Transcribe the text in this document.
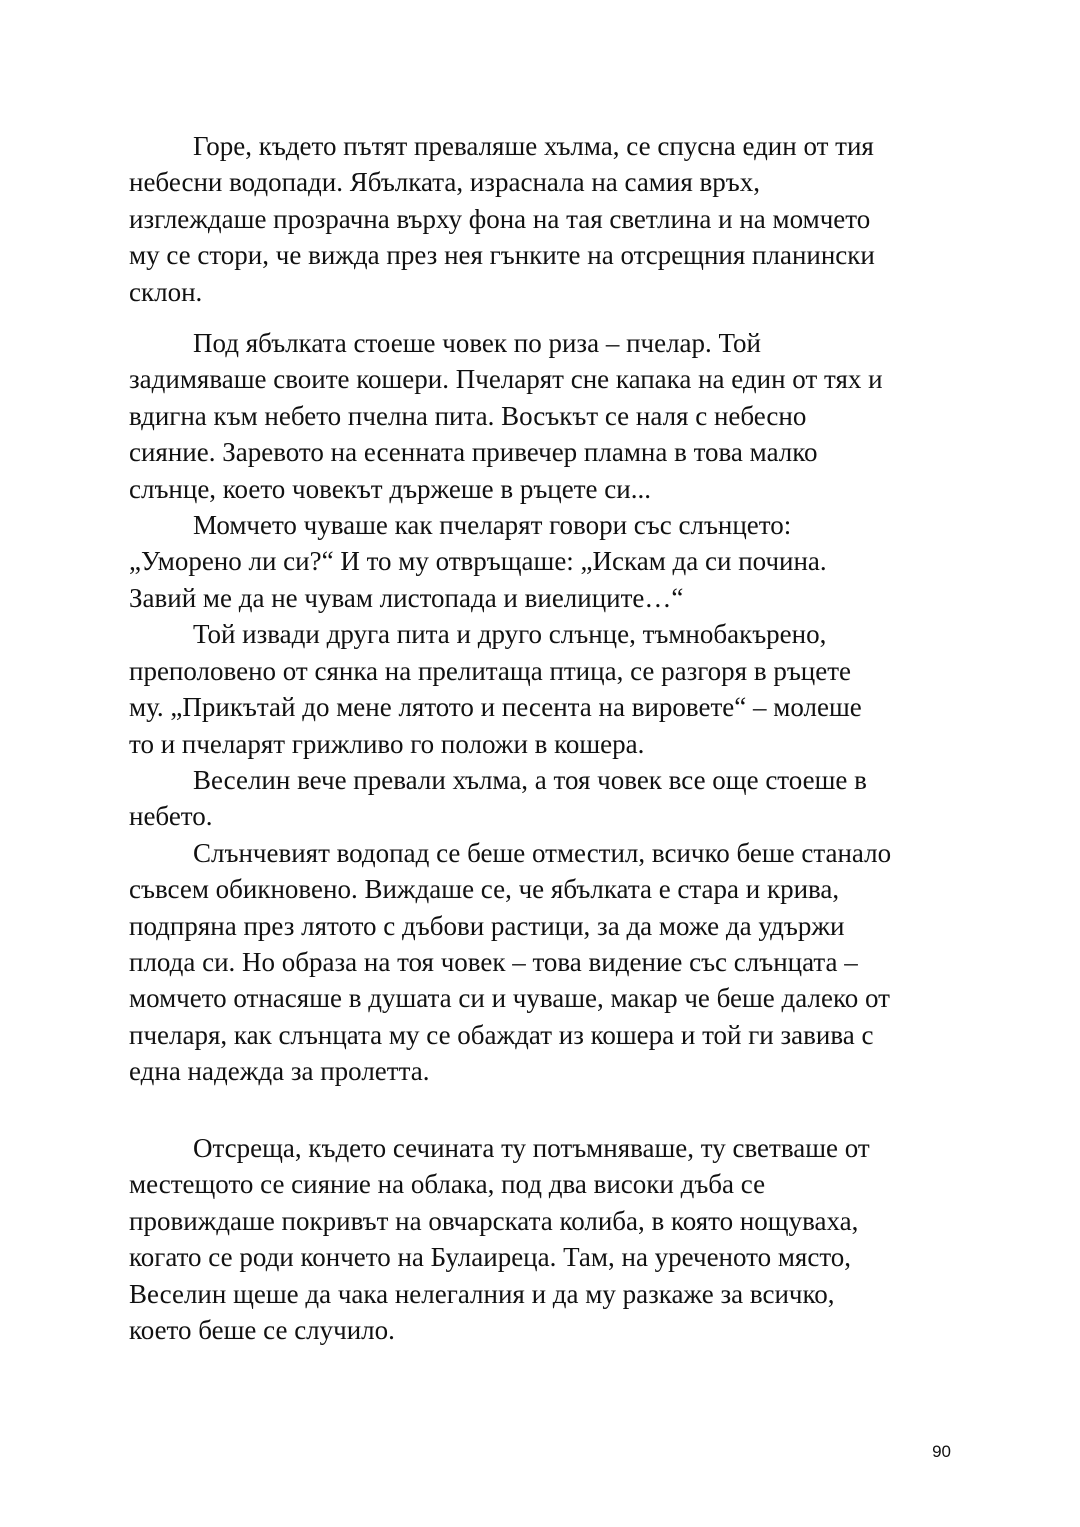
Горе, където пътят преваляше хълма, се спусна един от тия
небесни водопади. Ябълката, израснала на самия връх,
изглеждаше прозрачна върху фона на тая светлина и на момчето
му се стори, че вижда през нея гънките на отсрещния планински
склон.

Под ябълката стоеше човек по риза – пчелар. Той
задимяваше своите кошери. Пчеларят сне капака на един от тях и
вдигна към небето пчелна пита. Восъкът се наля с небесно
сияние. Заревото на есенната привечер пламна в това малко
слънце, което човекът държеше в ръцете си...

Момчето чуваше как пчеларят говори със слънцето:
„Уморено ли си?“ И то му отвръщаше: „Искам да си почина.
Завий ме да не чувам листопада и виелиците…“

Той извади друга пита и друго слънце, тъмнобакърено,
преполовено от сянка на прелитаща птица, се разгоря в ръцете
му. „Прикътай до мене лятото и песента на вировете“ – молеше
то и пчеларят грижливо го положи в кошера.

Веселин вече превали хълма, а тоя човек все още стоеше в
небето.

Слънчевият водопад се беше отместил, всичко беше станало
съвсем обикновено. Виждаше се, че ябълката е стара и крива,
подпряна през лятото с дъбови растици, за да може да удържи
плода си. Но образа на тоя човек – това видение със слънцата –
момчето отнасяше в душата си и чуваше, макар че беше далеко от
пчеларя, как слънцата му се обаждат из кошера и той ги завива с
една надежда за пролетта.

Отсреща, където сечината ту потъмняваше, ту светваше от
местещото се сияние на облака, под два високи дъба се
провиждаше покривът на овчарската колиба, в която нощуваха,
когато се роди кончето на Булаиреца. Там, на уреченото място,
Веселин щеше да чака нелегалния и да му разкаже за всичко,
което беше се случило.

90
